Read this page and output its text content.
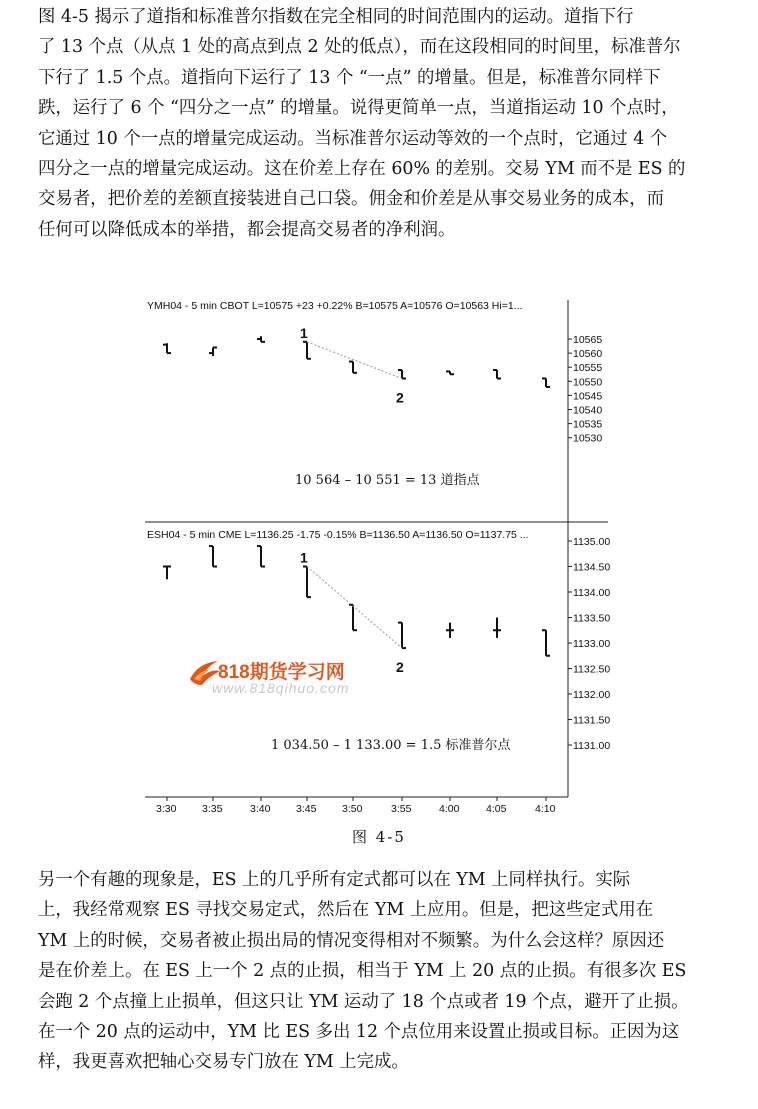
图 4-5 揭示了道指和标准普尔指数在完全相同的时间范围内的运动。道指下行
了 13 个点（从点 1 处的高点到点 2 处的低点），而在这段相同的时间里，标准普尔
下行了 1.5 个点。道指向下运行了 13 个 “一点” 的增量。但是，标准普尔同样下
跌，运行了 6 个 “四分之一点” 的增量。说得更简单一点，当道指运动 10 个点时，
它通过 10 个一点的增量完成运动。当标准普尔运动等效的一个点时，它通过 4 个
四分之一点的增量完成运动。这在价差上存在 60% 的差别。交易 YM 而不是 ES 的
交易者，把价差的差额直接装进自己口袋。佣金和价差是从事交易业务的成本，而
任何可以降低成本的举措，都会提高交易者的净利润。
YMH04 - 5 min CBOT L=10575 +23 +0.22% B=10575 A=10576 O=10563 Hi=1...
10565
10560
10555
10550
10545
10540
10535
10530
1
2
10 564 – 10 551 = 13 道指点
ESH04 - 5 min CME L=1136.25 -1.75 -0.15% B=1136.50 A=1136.50 O=1137.75 ...
1135.00
1134.50
1134.00
1133.50
1133.00
1132.50
1132.00
1131.50
1131.00
1
2
1 034.50 – 1 133.00 = 1.5 标准普尔点
3:30 3:35	3:40 3:45 3:50	3:55	4:00	4:05	4:10
818期货学习网
www.818qihuo.com
图 4-5
另一个有趣的现象是，ES 上的几乎所有定式都可以在 YM 上同样执行。实际
上，我经常观察 ES 寻找交易定式，然后在 YM 上应用。但是，把这些定式用在
YM 上的时候，交易者被止损出局的情况变得相对不频繁。为什么会这样？原因还
是在价差上。在 ES 上一个 2 点的止损，相当于 YM 上 20 点的止损。有很多次 ES
会跑 2 个点撞上止损单，但这只让 YM 运动了 18 个点或者 19 个点，避开了止损。
在一个 20 点的运动中，YM 比 ES 多出 12 个点位用来设置止损或目标。正因为这
样，我更喜欢把轴心交易专门放在 YM 上完成。
